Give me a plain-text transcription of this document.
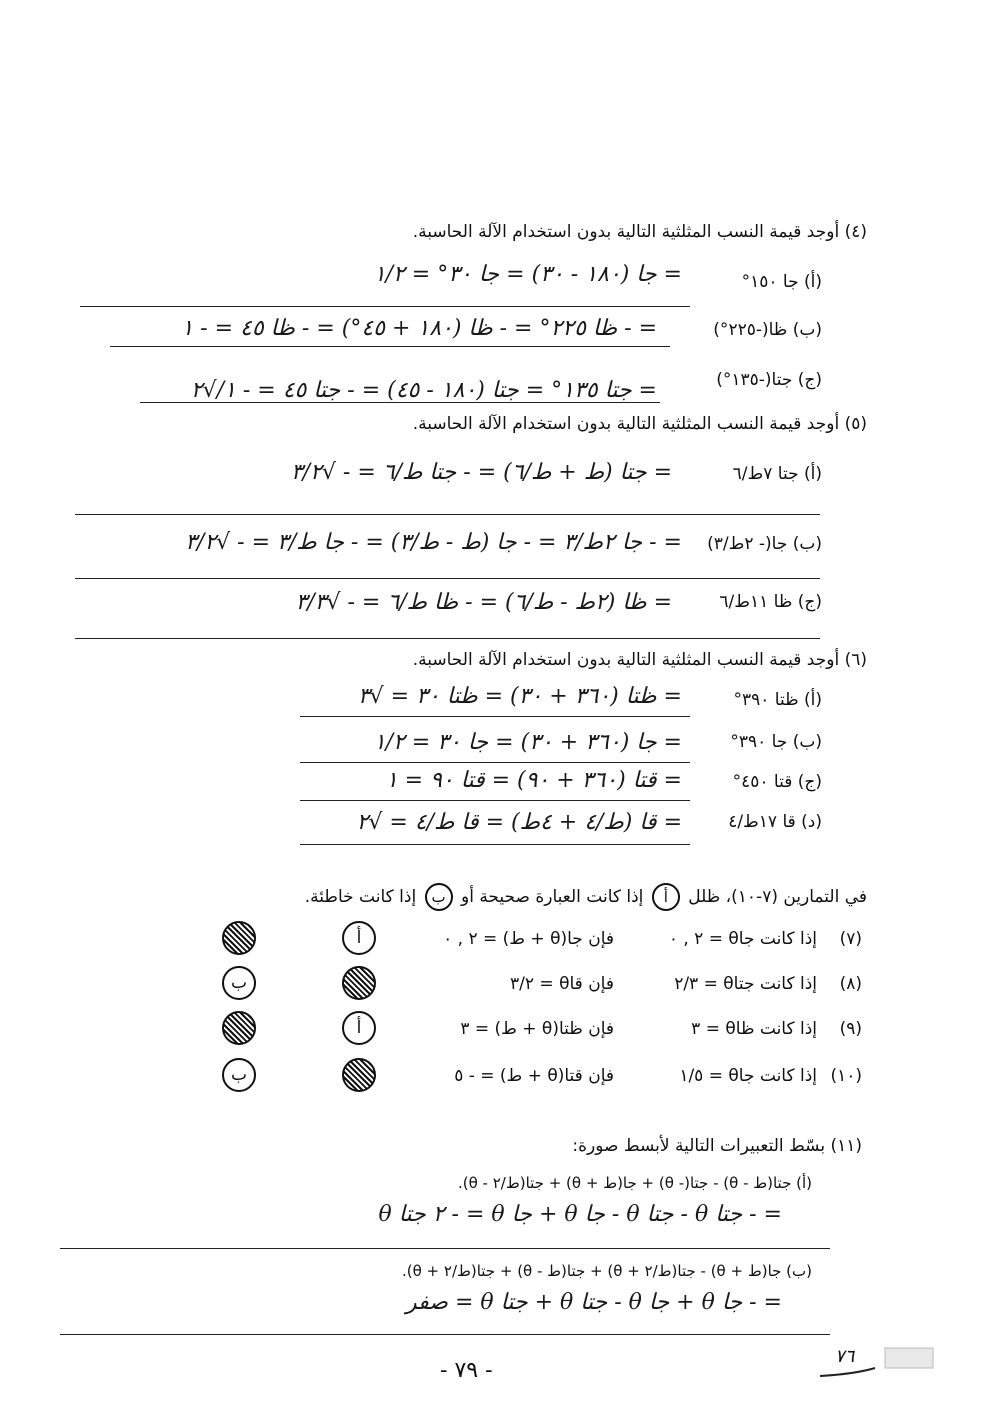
(٤) أوجد قيمة النسب المثلثية التالية بدون استخدام الآلة الحاسبة.
(أ) جا ١٥٠°
= جا (١٨٠ - ٣٠) = جا ٣٠° = ١/٢
(ب) ظا(-٢٢٥°)
= - ظا ٢٢٥° = - ظا (١٨٠ + ٤٥°) = - ظا ٤٥ = - ١
(ج) جتا(-١٣٥°)
= جتا ١٣٥° = جتا (١٨٠ - ٤٥) = - جتا ٤٥ = - ١/√٢
(٥) أوجد قيمة النسب المثلثية التالية بدون استخدام الآلة الحاسبة.
(أ) جتا ٧ط/٦
= جتا (ط + ط/٦) = - جتا ط/٦ = - √٣/٢
(ب) جا(- ٢ط/٣)
= - جا ٢ط/٣ = - جا (ط - ط/٣) = - جا ط/٣ = - √٣/٢
(ج) ظا ١١ط/٦
= ظا (٢ط - ط/٦) = - ظا ط/٦ = - √٣/٣
(٦) أوجد قيمة النسب المثلثية التالية بدون استخدام الآلة الحاسبة.
(أ) ظتا ٣٩٠°
= ظتا (٣٦٠ + ٣٠) = ظتا ٣٠ = √٣
(ب) جا ٣٩٠°
= جا (٣٦٠ + ٣٠) = جا ٣٠ = ١/٢
(ج) قتا ٤٥٠°
= قتا (٣٦٠ + ٩٠) = قتا ٩٠ = ١
(د) قا ١٧ط/٤
= قا (ط/٤ + ٤ط) = قا ط/٤ = √٢
في التمارين (٧-١٠)، ظلل أ إذا كانت العبارة صحيحة أو ب إذا كانت خاطئة.
(٧)
إذا كانت جاθ = ٢ , ٠
فإن جا(θ + ط) = ٢ , ٠
أ
(٨)
إذا كانت جتاθ = ٢/٣
فإن قاθ = ٣/٢
ب
(٩)
إذا كانت ظاθ = ٣
فإن ظتا(θ + ط) = ٣
أ
(١٠)
إذا كانت جاθ = ١/٥
فإن قتا(θ + ط) = - ٥
ب
(١١) بسّط التعبيرات التالية لأبسط صورة:
(أ) جتا(ط - θ) - جتا(- θ) + جا(ط + θ) + جتا(ط/٢ - θ).
= - جتا θ - جتا θ - جا θ + جا θ = - ٢ جتا θ
(ب) جا(ط + θ) - جتا(ط/٢ + θ) + جتا(ط - θ) + جتا(ط/٢ + θ).
= - جا θ + جا θ - جتا θ + جتا θ = صفر
- ٧٩ -
٧٦
